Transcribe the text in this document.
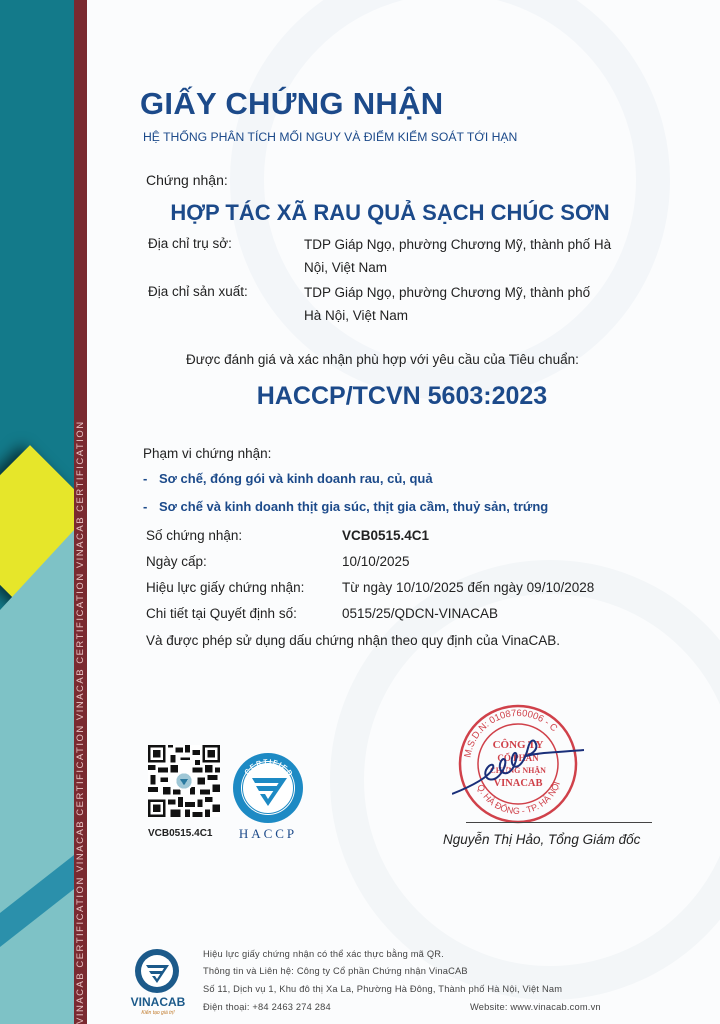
VINACAB CERTIFICATION VINACAB CERTIFICATION VINACAB CERTIFICATION VINACAB CERTIFICATION
GIẤY CHỨNG NHẬN
HỆ THỐNG PHÂN TÍCH MỐI NGUY VÀ ĐIỂM KIỂM SOÁT TỚI HẠN
Chứng nhận:
HỢP TÁC XÃ RAU QUẢ SẠCH CHÚC SƠN
Địa chỉ trụ sở:	TDP Giáp Ngọ, phường Chương Mỹ, thành phố Hà
Nội, Việt Nam
Địa chỉ sản xuất:	TDP Giáp Ngọ, phường Chương Mỹ, thành phố
Hà Nội, Việt Nam
Được đánh giá và xác nhận phù hợp với yêu cầu của Tiêu chuẩn:
HACCP/TCVN 5603:2023
Phạm vi chứng nhận:
- Sơ chế, đóng gói và kinh doanh rau, củ, quả
- Sơ chế và kinh doanh thịt gia súc, thịt gia cầm, thuỷ sản, trứng
Số chứng nhận:	VCB0515.4C1
Ngày cấp:	10/10/2025
Hiệu lực giấy chứng nhận:	Từ ngày 10/10/2025 đến ngày 09/10/2028
Chi tiết tại Quyết định số:	0515/25/QDCN-VINACAB
Và được phép sử dụng dấu chứng nhận theo quy định của VinaCAB.
VCB0515.4C1
CERTIFIED
HACCP
M.S.D.N: 0108760006 - C
Q. HÀ ĐÔNG - TP. HÀ NỘI
CÔNG TY
CỔ PHẦN
CHỨNG NHẬN
VINACAB
Nguyễn Thị Hảo, Tổng Giám đốc
VINACAB
Kiến tạo giá trị!
Hiệu lực giấy chứng nhận có thể xác thực bằng mã QR.
Thông tin và Liên hệ: Công ty Cổ phần Chứng nhận VinaCAB
Số 11, Dịch vụ 1, Khu đô thị Xa La, Phường Hà Đông, Thành phố Hà Nội, Việt Nam
Điện thoại: +84 2463 274 284	Website: www.vinacab.com.vn
